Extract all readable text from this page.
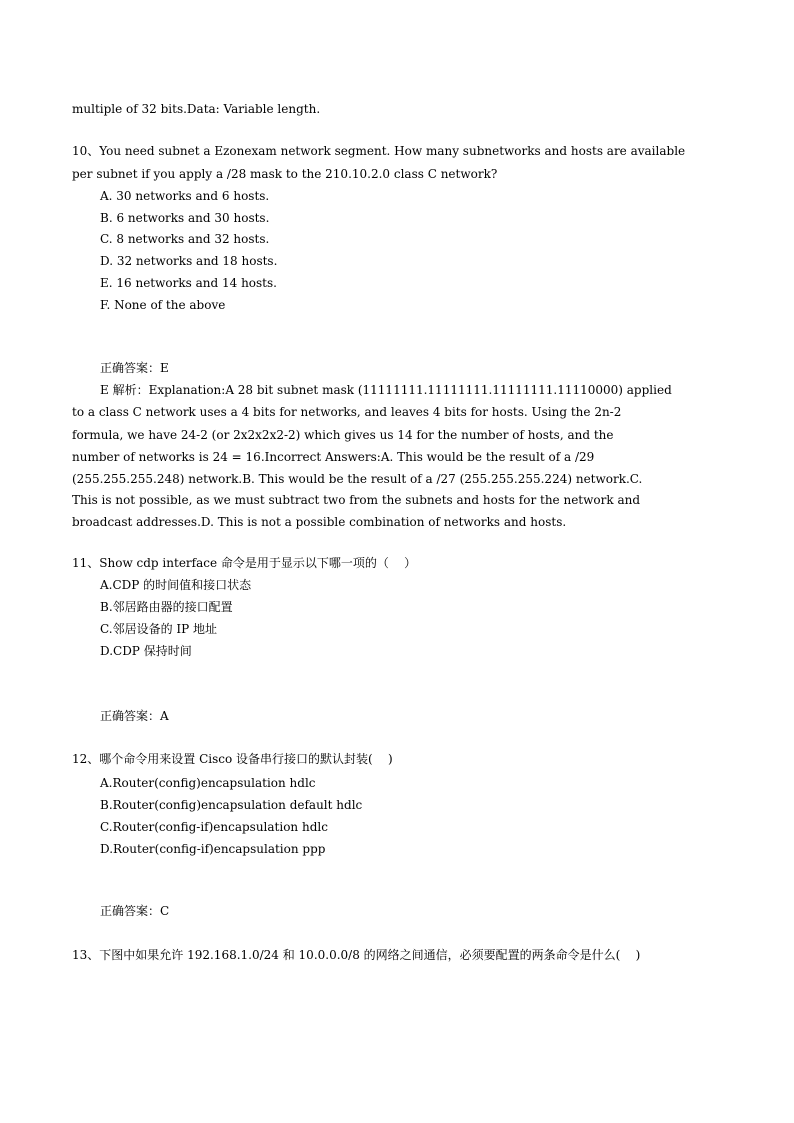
multiple of 32 bits.Data: Variable length.
10、You need subnet a Ezonexam network segment. How many subnetworks and hosts are available
per subnet if you apply a /28 mask to the 210.10.2.0 class C network?
A. 30 networks and 6 hosts.
B. 6 networks and 30 hosts.
C. 8 networks and 32 hosts.
D. 32 networks and 18 hosts.
E. 16 networks and 14 hosts.
F. None of the above
正确答案：E
E 解析：Explanation:A 28 bit subnet mask (11111111.11111111.11111111.11110000) applied
to a class C network uses a 4 bits for networks, and leaves 4 bits for hosts. Using the 2n-2
formula, we have 24-2 (or 2x2x2x2-2) which gives us 14 for the number of hosts, and the
number of networks is 24 = 16.Incorrect Answers:A. This would be the result of a /29
(255.255.255.248) network.B. This would be the result of a /27 (255.255.255.224) network.C.
This is not possible, as we must subtract two from the subnets and hosts for the network and
broadcast addresses.D. This is not a possible combination of networks and hosts.
11、Show cdp interface 命令是用于显示以下哪一项的（    ）
A.CDP 的时间值和接口状态
B.邻居路由器的接口配置
C.邻居设备的 IP 地址
D.CDP 保持时间
正确答案：A
12、哪个命令用来设置 Cisco 设备串行接口的默认封装(    )
A.Router(config)encapsulation hdlc
B.Router(config)encapsulation default hdlc
C.Router(config-if)encapsulation hdlc
D.Router(config-if)encapsulation ppp
正确答案：C
13、下图中如果允许 192.168.1.0/24 和 10.0.0.0/8 的网络之间通信，必须要配置的两条命令是什么(    )
